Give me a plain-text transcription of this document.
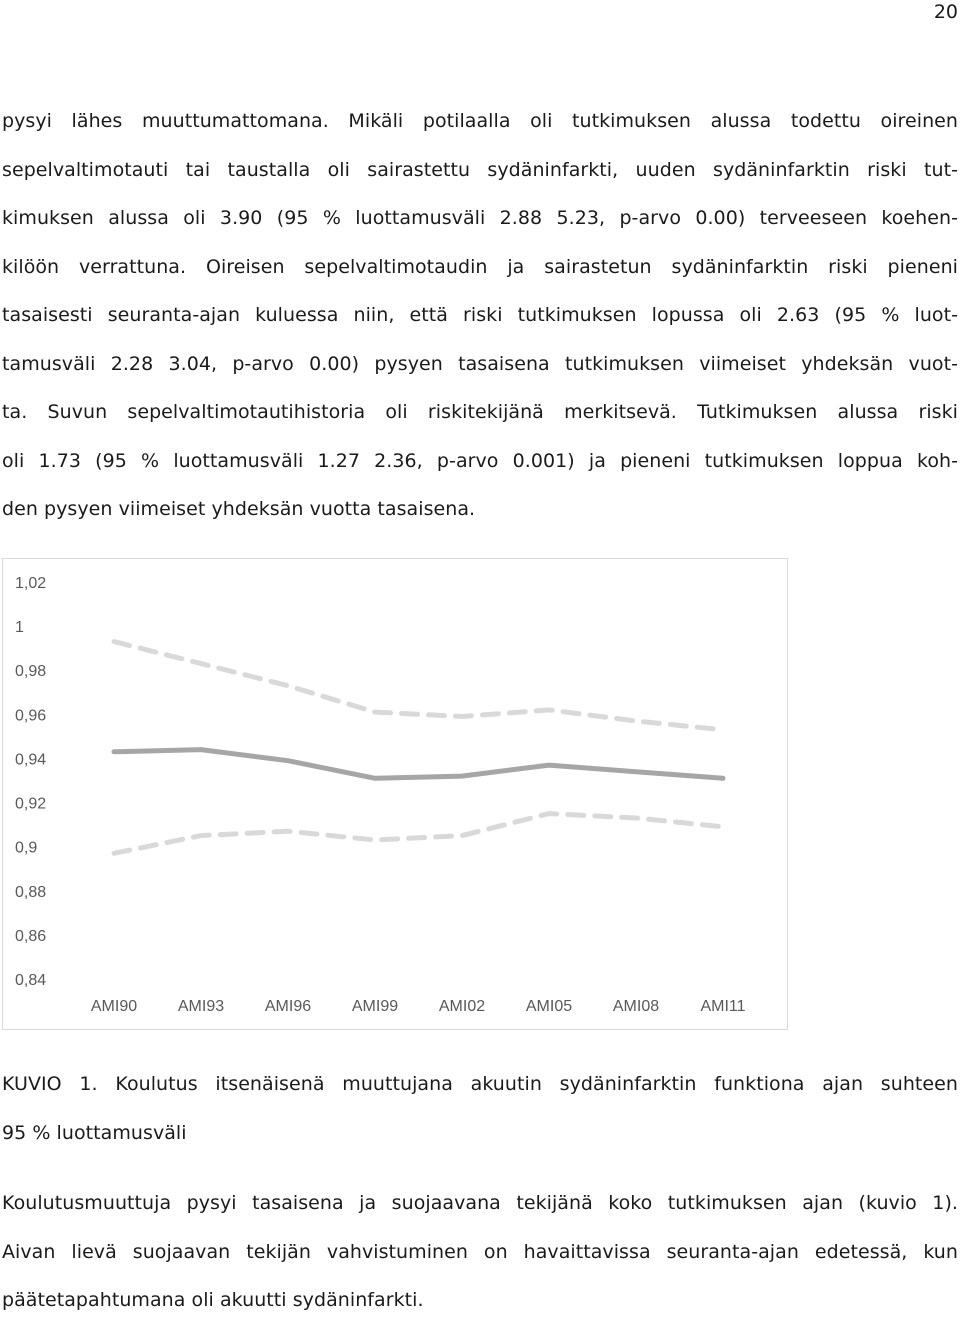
20
pysyi lähes muuttumattomana. Mikäli potilaalla oli tutkimuksen alussa todettu oireinen
sepelvaltimotauti tai taustalla oli sairastettu sydäninfarkti, uuden sydäninfarktin riski tut-
kimuksen alussa oli 3.90 (95 % luottamusväli 2.88 5.23, p-arvo 0.00) terveeseen koehen-
kilöön verrattuna. Oireisen sepelvaltimotaudin ja sairastetun sydäninfarktin riski pieneni
tasaisesti seuranta-ajan kuluessa niin, että riski tutkimuksen lopussa oli 2.63 (95 % luot-
tamusväli 2.28 3.04, p-arvo 0.00) pysyen tasaisena tutkimuksen viimeiset yhdeksän vuot-
ta. Suvun sepelvaltimotautihistoria oli riskitekijänä merkitsevä. Tutkimuksen alussa riski
oli 1.73 (95 % luottamusväli 1.27 2.36, p-arvo 0.001) ja pieneni tutkimuksen loppua koh-
den pysyen viimeiset yhdeksän vuotta tasaisena.
1,02
1
0,98
0,96
0,94
0,92
0,9
0,88
0,86
0,84
AMI90	AMI93	AMI96	AMI99	AMI02	AMI05	AMI08	AMI11
KUVIO 1. Koulutus itsenäisenä muuttujana akuutin sydäninfarktin funktiona ajan suhteen
95 % luottamusväli
Koulutusmuuttuja pysyi tasaisena ja suojaavana tekijänä koko tutkimuksen ajan (kuvio 1).
Aivan lievä suojaavan tekijän vahvistuminen on havaittavissa seuranta-ajan edetessä, kun
päätetapahtumana oli akuutti sydäninfarkti.
